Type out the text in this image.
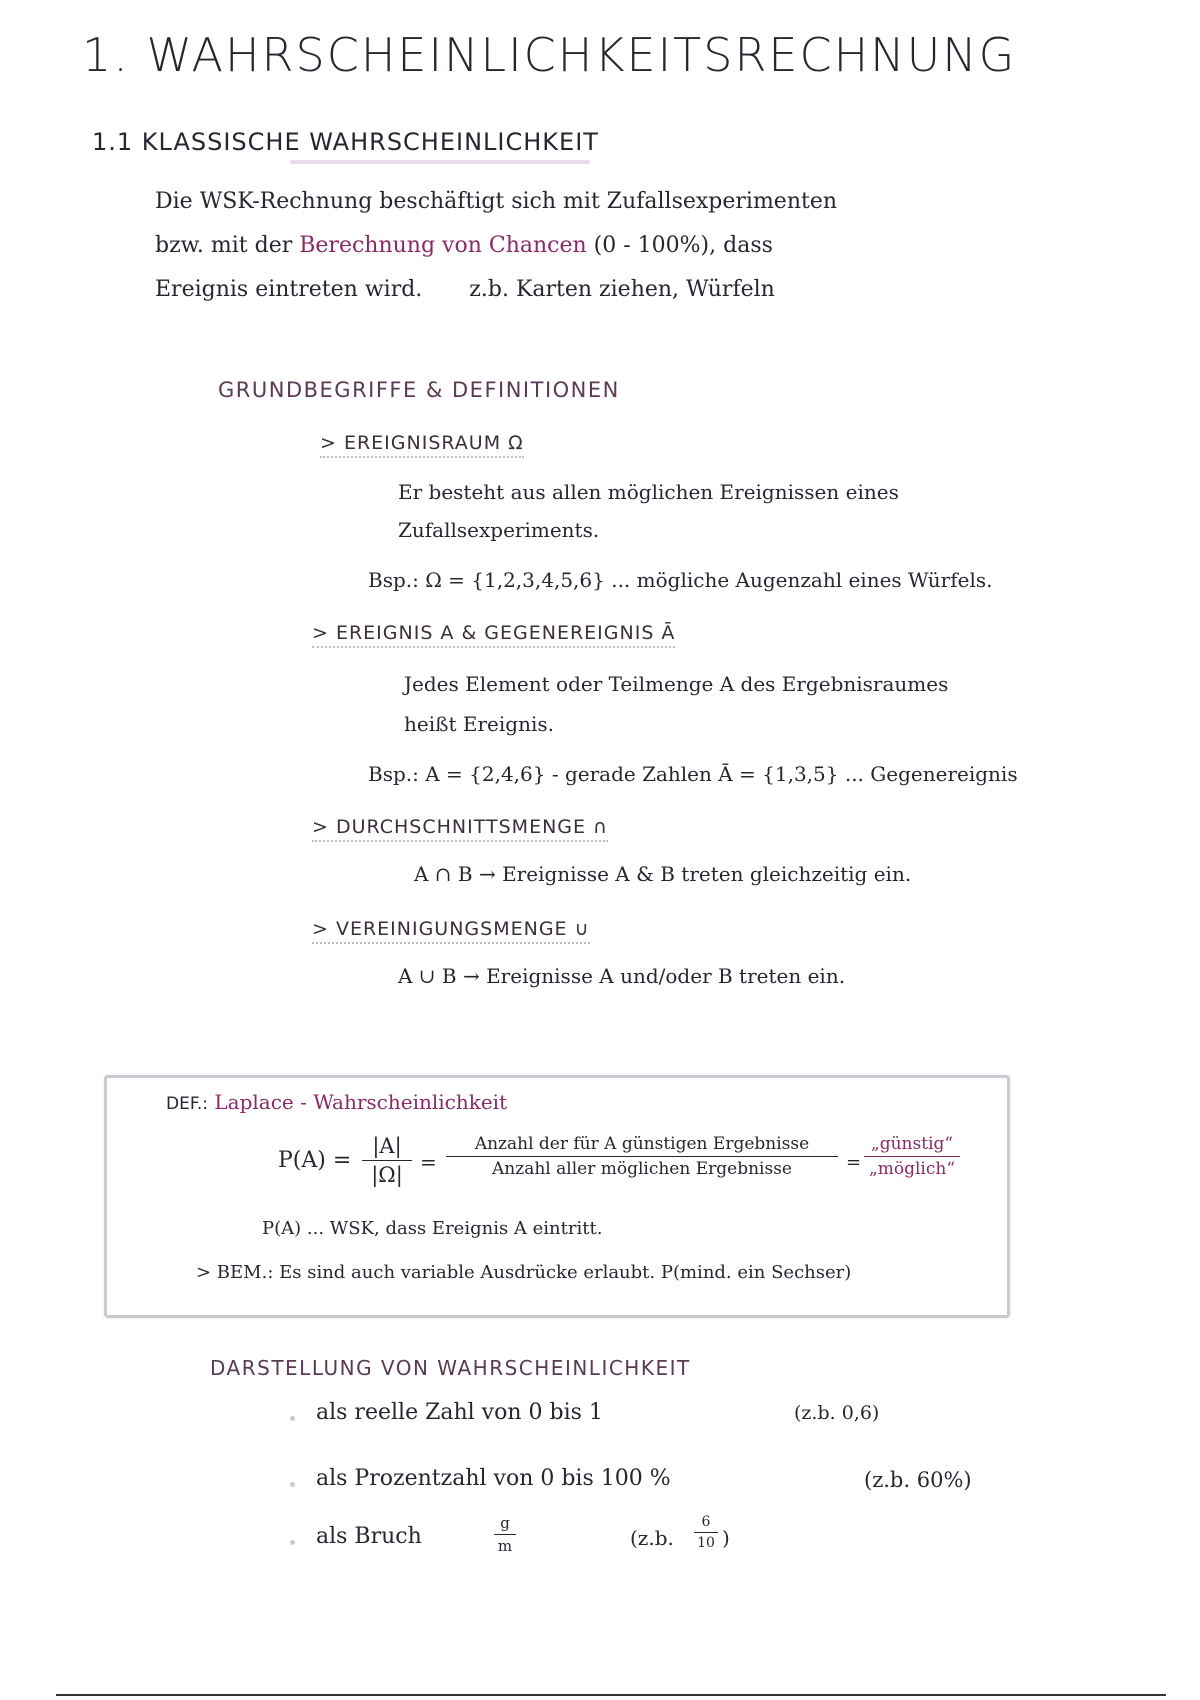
1. WAHRSCHEINLICHKEITSRECHNUNG
1.1 KLASSISCHE WAHRSCHEINLICHKEIT
Die WSK-Rechnung beschäftigt sich mit Zufallsexperimenten
bzw. mit der Berechnung von Chancen (0 - 100%), dass
Ereignis eintreten wird. z.b. Karten ziehen, Würfeln
GRUNDBEGRIFFE & DEFINITIONEN
> EREIGNISRAUM Ω
Er besteht aus allen möglichen Ereignissen eines
Zufallsexperiments.
Bsp.: Ω = {1,2,3,4,5,6} ... mögliche Augenzahl eines Würfels.
> EREIGNIS A & GEGENEREIGNIS Ā
Jedes Element oder Teilmenge A des Ergebnisraumes
heißt Ereignis.
Bsp.: A = {2,4,6} - gerade Zahlen Ā = {1,3,5} ... Gegenereignis
> DURCHSCHNITTSMENGE ∩
A ∩ B → Ereignisse A & B treten gleichzeitig ein.
> VEREINIGUNGSMENGE ∪
A ∪ B → Ereignisse A und/oder B treten ein.
DEF.: Laplace - Wahrscheinlichkeit
$P(A) = \frac{|A|}{|\Omega|}$ =
Anzahl der für A günstigen Ergebnisse
Anzahl aller möglichen Ergebnisse	=
„günstig“
„möglich“
P(A) ... WSK, dass Ereignis A eintritt.
> BEM.: Es sind auch variable Ausdrücke erlaubt. P(mind. ein Sechser)
DARSTELLUNG VON WAHRSCHEINLICHKEIT
als reelle Zahl von 0 bis 1	(z.b. 0,6)
als Prozentzahl von 0 bis 100 %	(z.b. 60%)
als Bruch	$\frac{g}{m}$	(z.b. $\frac{6}{10}$ )
